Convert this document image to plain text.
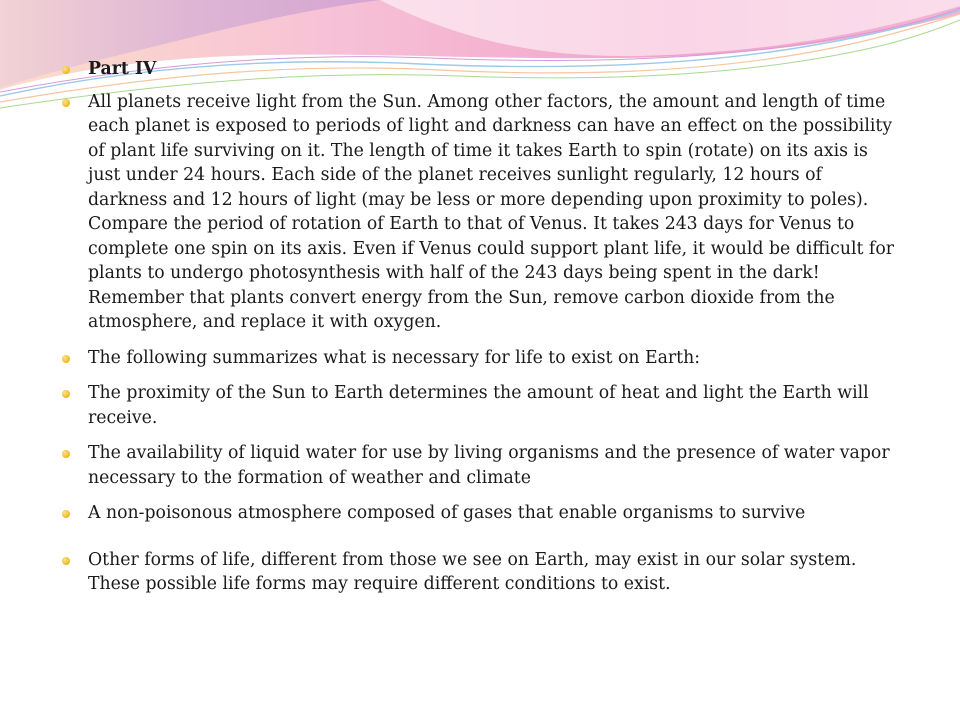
Part IV
All planets receive light from the Sun. Among other factors, the amount and length of time each planet is exposed to periods of light and darkness can have an effect on the possibility of plant life surviving on it. The length of time it takes Earth to spin (rotate) on its axis is just under 24 hours. Each side of the planet receives sunlight regularly, 12 hours of darkness and 12 hours of light (may be less or more depending upon proximity to poles). Compare the period of rotation of Earth to that of Venus. It takes 243 days for Venus to complete one spin on its axis. Even if Venus could support plant life, it would be difficult for plants to undergo photosynthesis with half of the 243 days being spent in the dark! Remember that plants convert energy from the Sun, remove carbon dioxide from the atmosphere, and replace it with oxygen.
The following summarizes what is necessary for life to exist on Earth:
The proximity of the Sun to Earth determines the amount of heat and light the Earth will receive.
The availability of liquid water for use by living organisms and the presence of water vapor necessary to the formation of weather and climate
A non-poisonous atmosphere composed of gases that enable organisms to survive
Other forms of life, different from those we see on Earth, may exist in our solar system. These possible life forms may require different conditions to exist.
